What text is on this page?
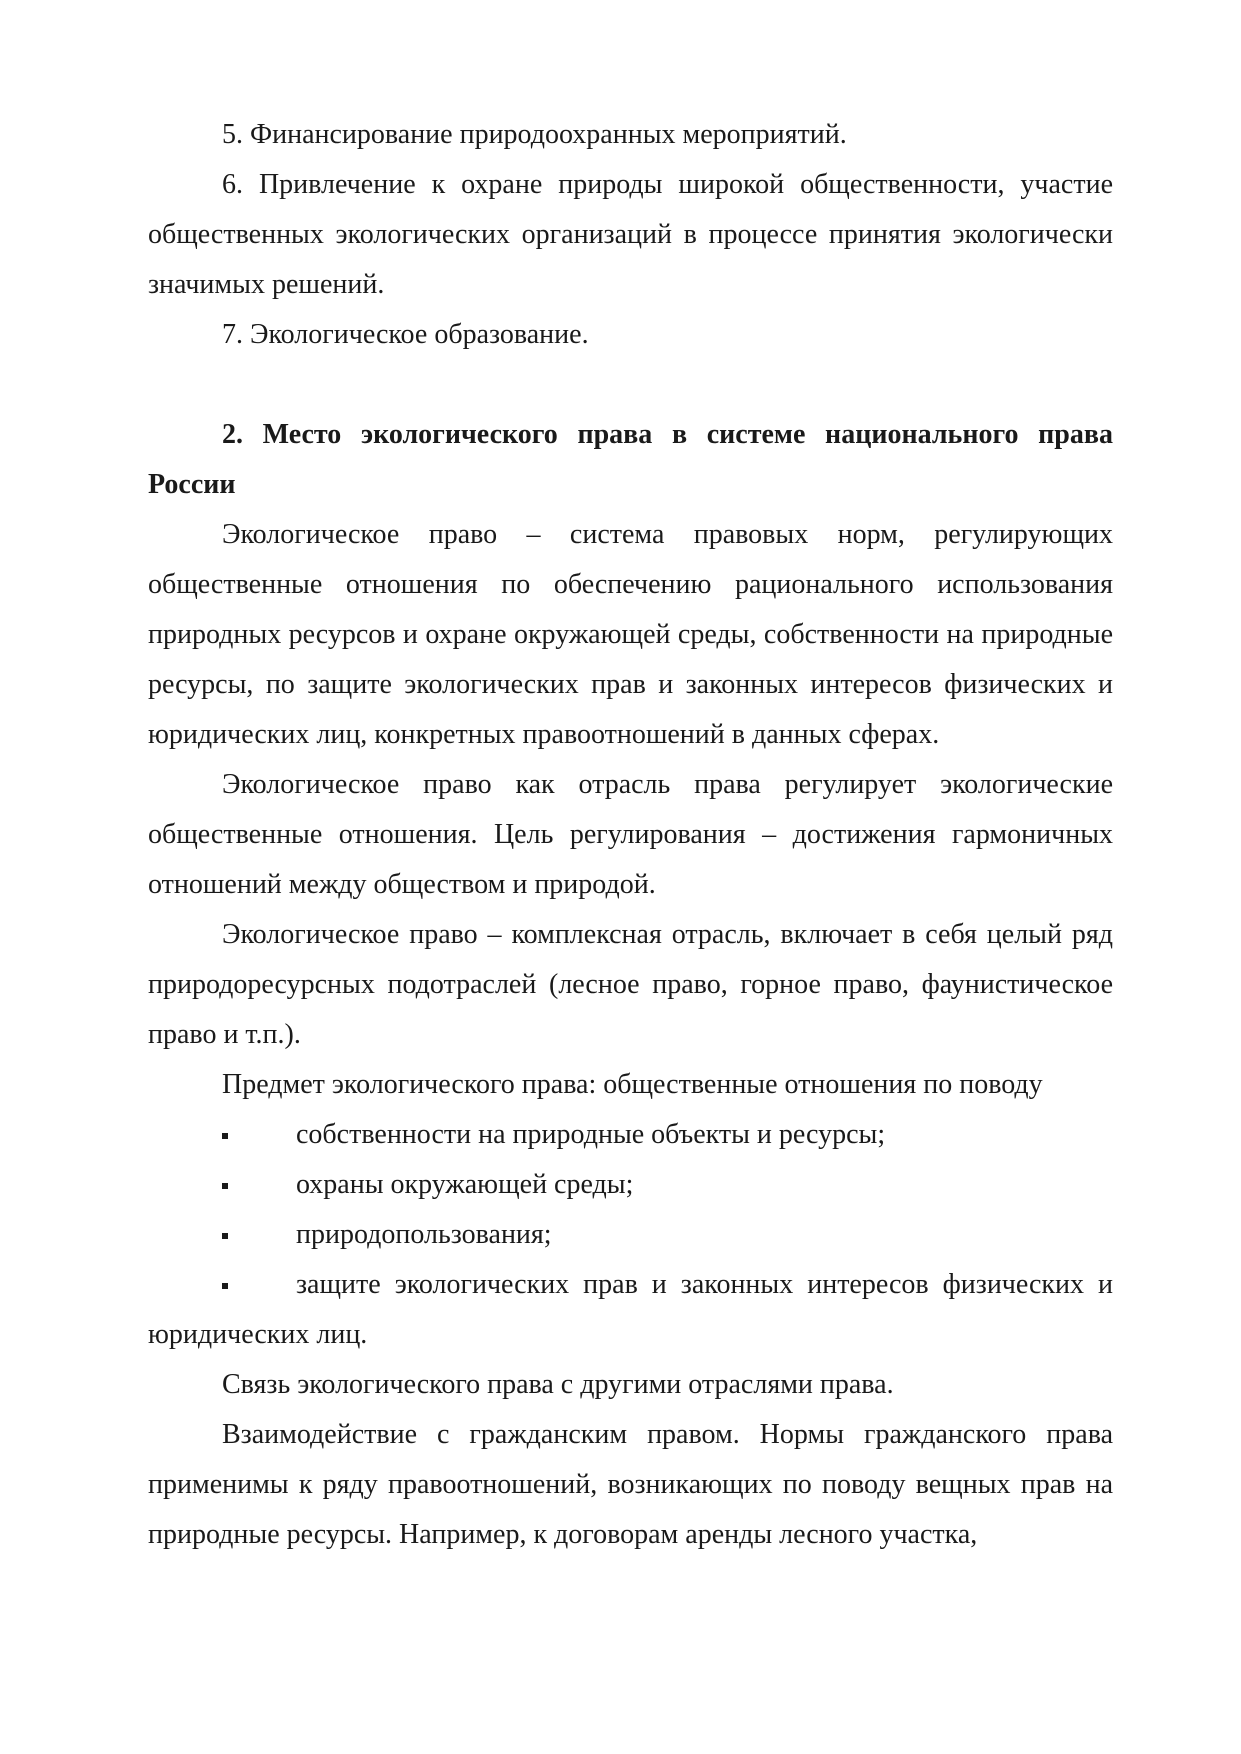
5. Финансирование природоохранных мероприятий.

6. Привлечение к охране природы широкой общественности, участие общественных экологических организаций в процессе принятия экологически значимых решений.

7. Экологическое образование.

2. Место экологического права в системе национального права России

Экологическое право – система правовых норм, регулирующих общественные отношения по обеспечению рационального использования природных ресурсов и охране окружающей среды, собственности на природные ресурсы, по защите экологических прав и законных интересов физических и юридических лиц, конкретных правоотношений в данных сферах.

Экологическое право как отрасль права регулирует экологические общественные отношения. Цель регулирования – достижения гармоничных отношений между обществом и природой.

Экологическое право – комплексная отрасль, включает в себя целый ряд природоресурсных подотраслей (лесное право, горное право, фаунистическое право и т.п.).

Предмет экологического права: общественные отношения по поводу

собственности на природные объекты и ресурсы;
охраны окружающей среды;
природопользования;
защите экологических прав и законных интересов физических и юридических лиц.

Связь экологического права с другими отраслями права.

Взаимодействие с гражданским правом. Нормы гражданского права применимы к ряду правоотношений, возникающих по поводу вещных прав на природные ресурсы. Например, к договорам аренды лесного участка,
